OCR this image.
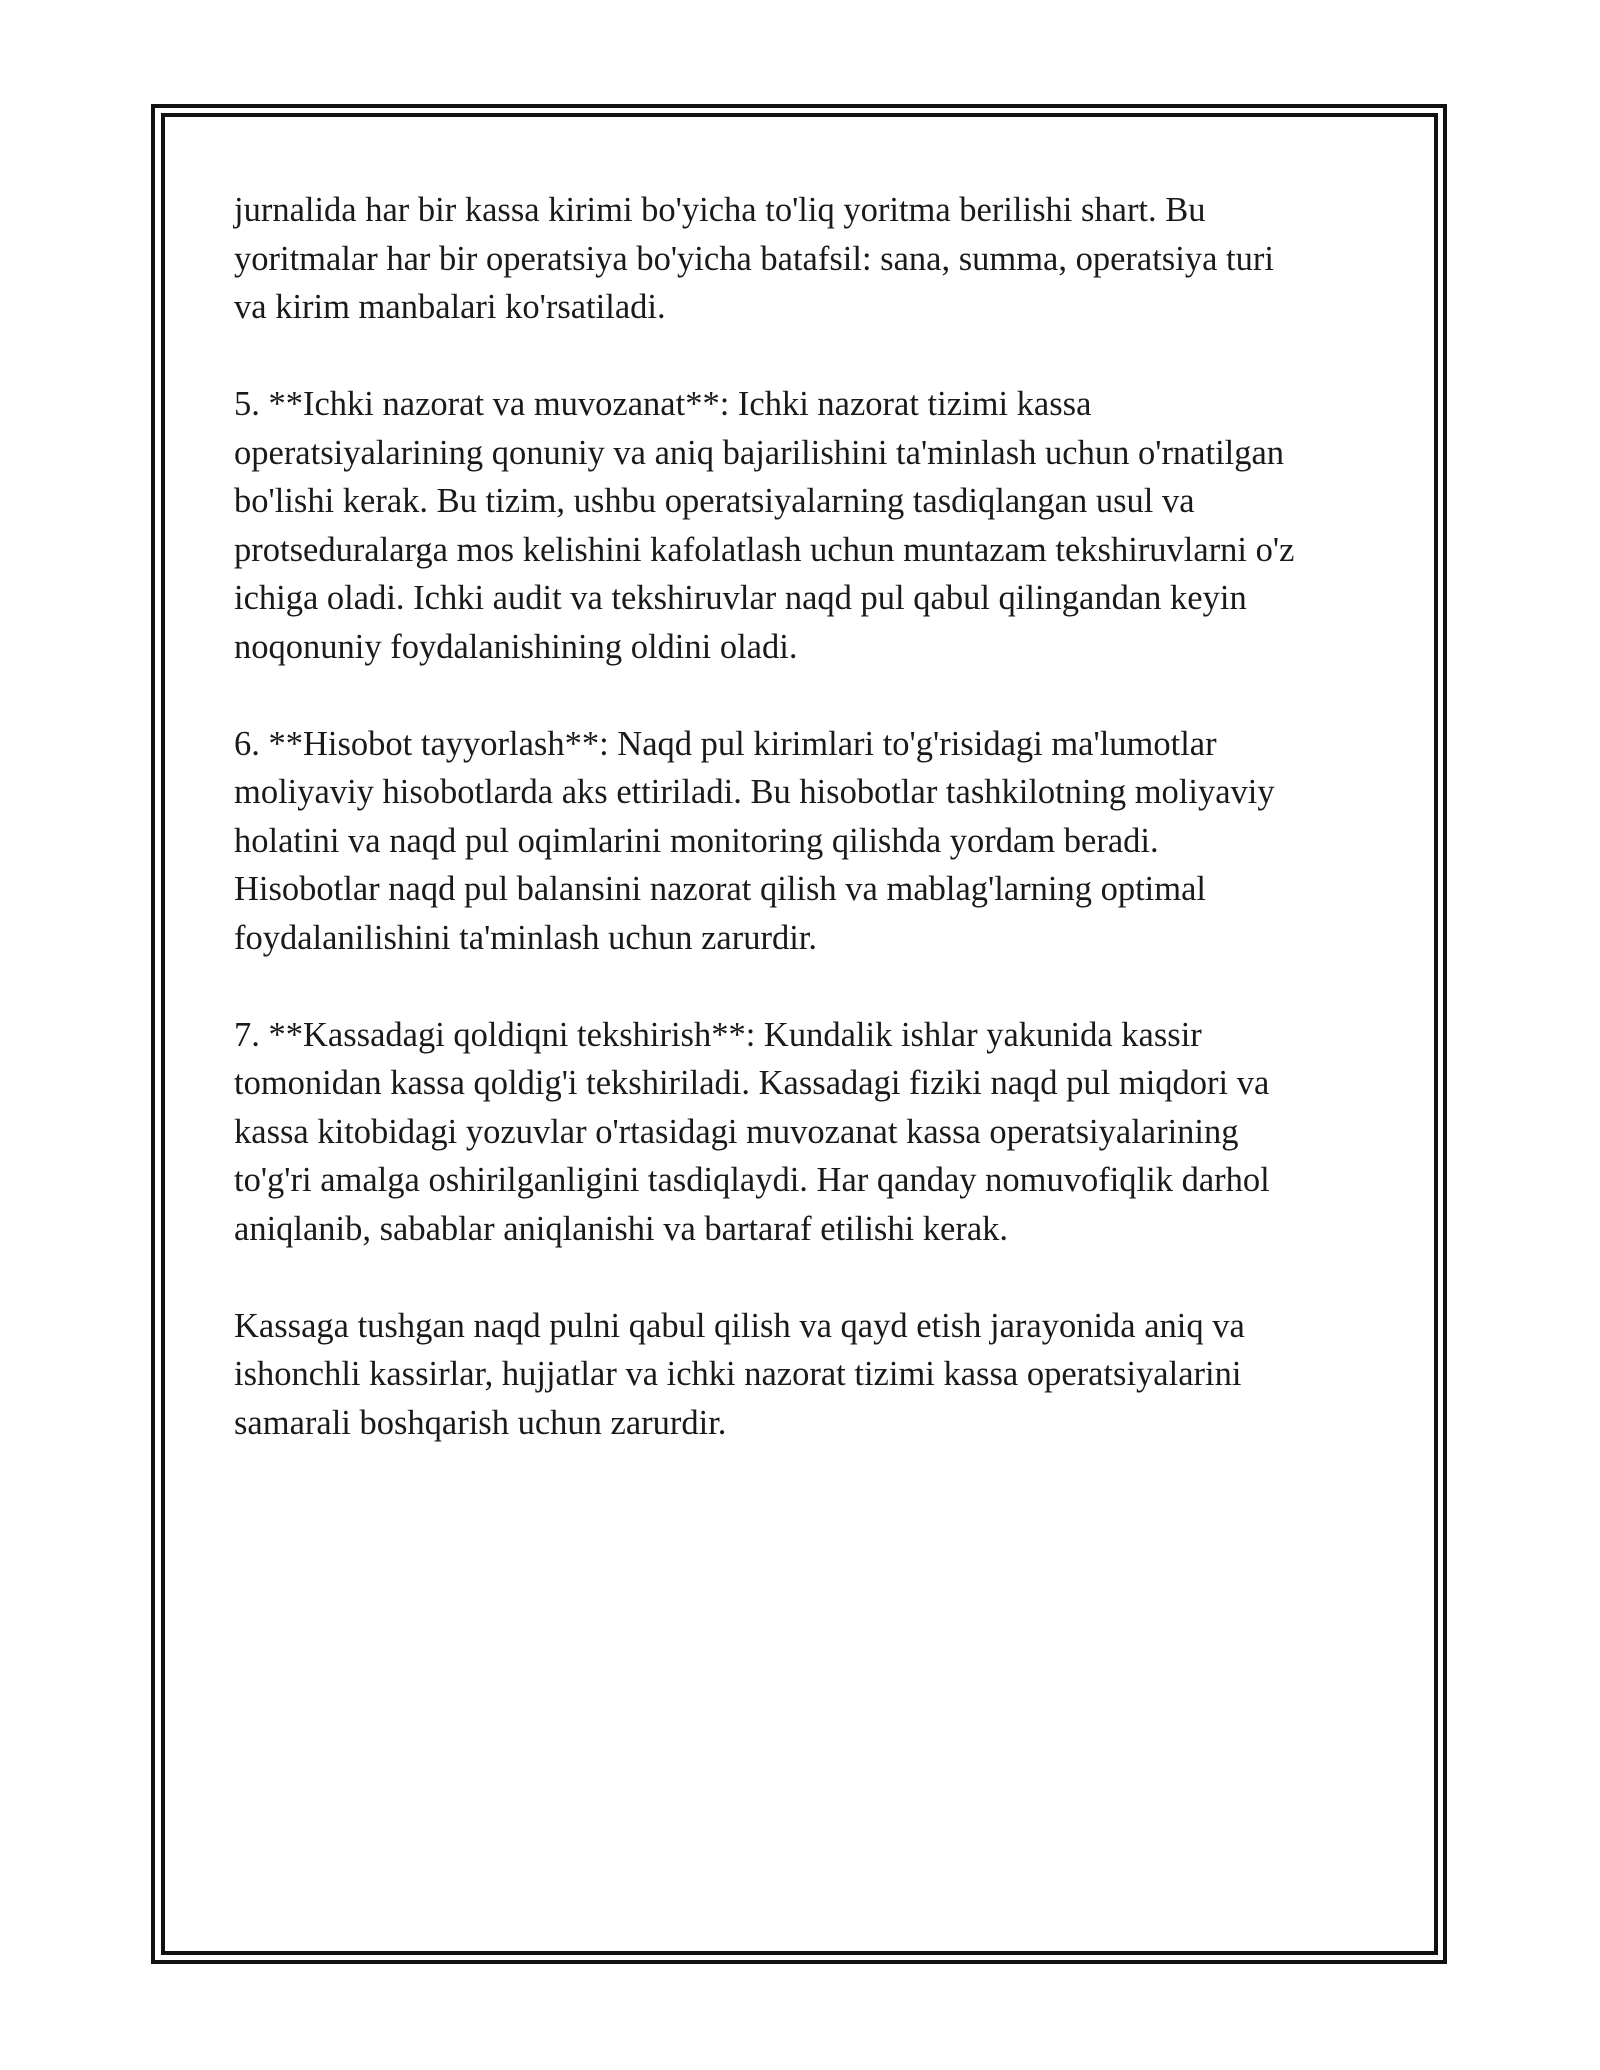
jurnalida har bir kassa kirimi bo'yicha to'liq yoritma berilishi shart. Bu
yoritmalar har bir operatsiya bo'yicha batafsil: sana, summa, operatsiya turi
va kirim manbalari ko'rsatiladi.

5. **Ichki nazorat va muvozanat**: Ichki nazorat tizimi kassa
operatsiyalarining qonuniy va aniq bajarilishini ta'minlash uchun o'rnatilgan
bo'lishi kerak. Bu tizim, ushbu operatsiyalarning tasdiqlangan usul va
protseduralarga mos kelishini kafolatlash uchun muntazam tekshiruvlarni o'z
ichiga oladi. Ichki audit va tekshiruvlar naqd pul qabul qilingandan keyin
noqonuniy foydalanishining oldini oladi.

6. **Hisobot tayyorlash**: Naqd pul kirimlari to'g'risidagi ma'lumotlar
moliyaviy hisobotlarda aks ettiriladi. Bu hisobotlar tashkilotning moliyaviy
holatini va naqd pul oqimlarini monitoring qilishda yordam beradi.
Hisobotlar naqd pul balansini nazorat qilish va mablag'larning optimal
foydalanilishini ta'minlash uchun zarurdir.

7. **Kassadagi qoldiqni tekshirish**: Kundalik ishlar yakunida kassir
tomonidan kassa qoldig'i tekshiriladi. Kassadagi fiziki naqd pul miqdori va
kassa kitobidagi yozuvlar o'rtasidagi muvozanat kassa operatsiyalarining
to'g'ri amalga oshirilganligini tasdiqlaydi. Har qanday nomuvofiqlik darhol
aniqlanib, sabablar aniqlanishi va bartaraf etilishi kerak.

Kassaga tushgan naqd pulni qabul qilish va qayd etish jarayonida aniq va
ishonchli kassirlar, hujjatlar va ichki nazorat tizimi kassa operatsiyalarini
samarali boshqarish uchun zarurdir.
